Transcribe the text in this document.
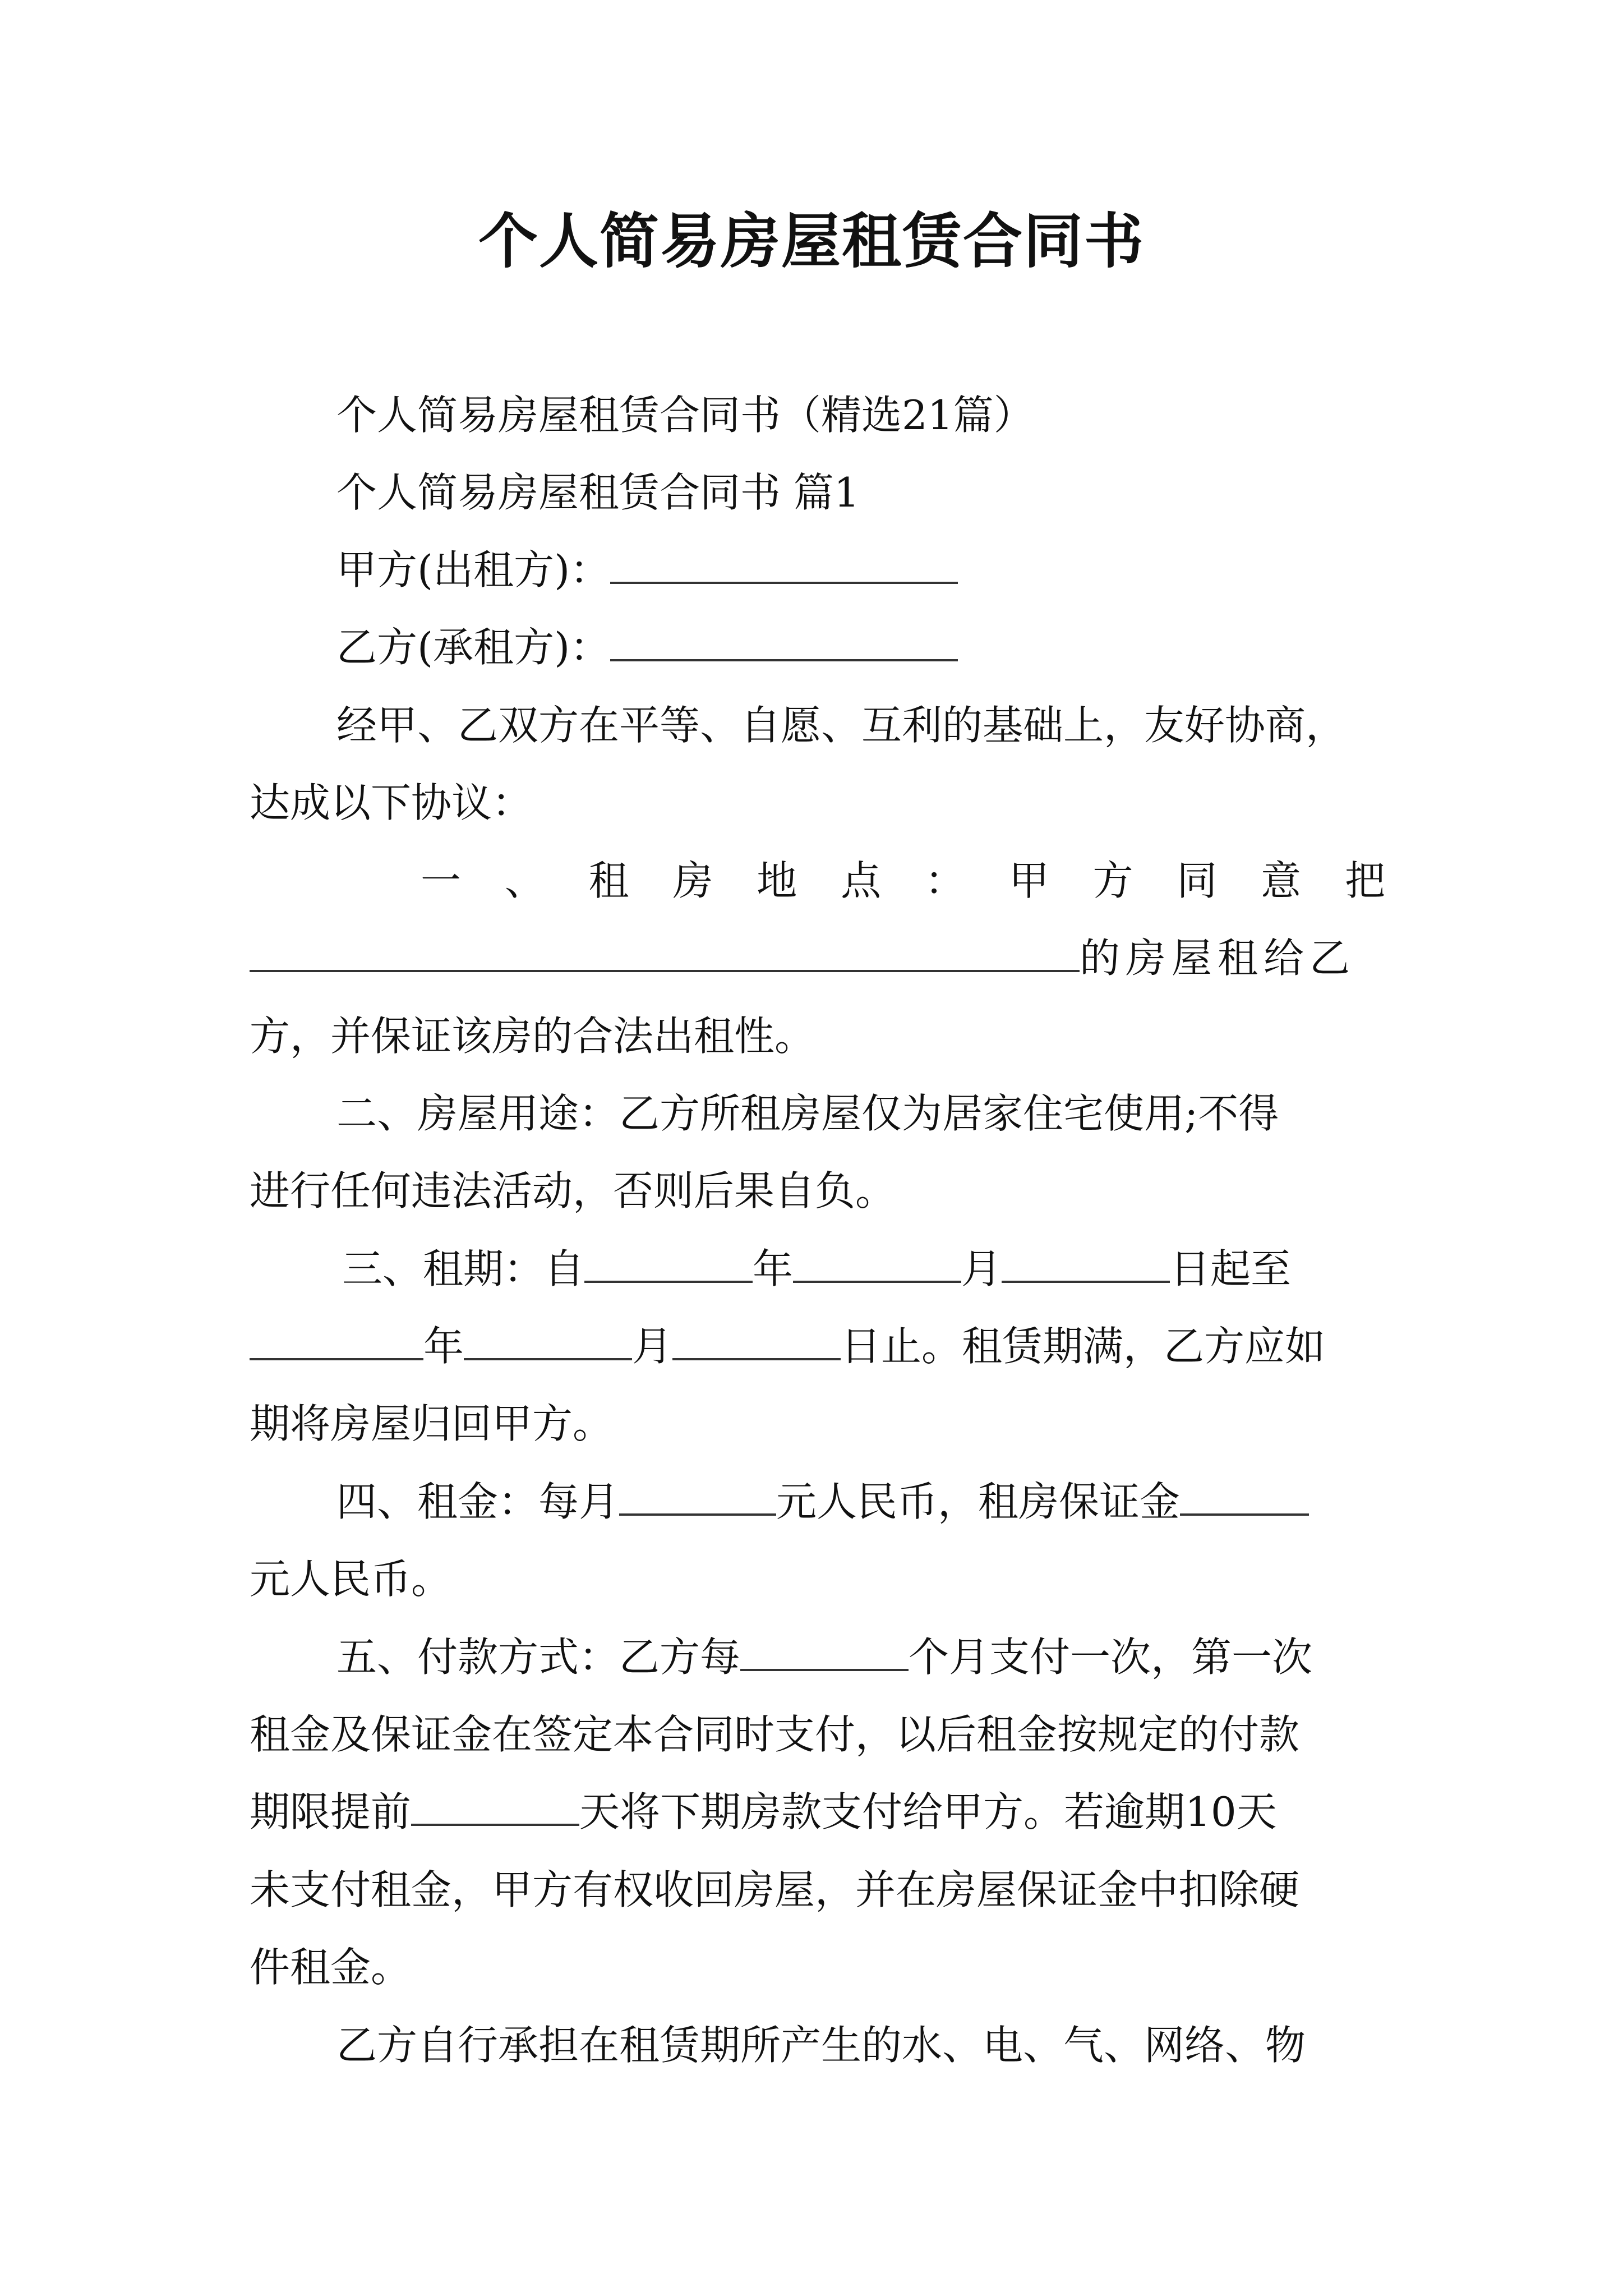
个人简易房屋租赁合同书
个人简易房屋租赁合同书（精选21篇）
个人简易房屋租赁合同书 篇1
甲方(出租方)：
乙方(承租方)：
经甲、乙双方在平等、自愿、互利的基础上，友好协商，
达成以下协议：
一 、 租 房 地 点 ： 甲 方 同 意 把
的房屋租给乙
方，并保证该房的合法出租性。
二、房屋用途：乙方所租房屋仅为居家住宅使用;不得
进行任何违法活动，否则后果自负。
三、租期：自	年	月	日起至
年	月	日止。租赁期满，乙方应如
期将房屋归回甲方。
四、租金：每月	元人民币，租房保证金
元人民币。
五、付款方式：乙方每	个月支付一次，第一次
租金及保证金在签定本合同时支付，以后租金按规定的付款
期限提前	天将下期房款支付给甲方。若逾期10天
未支付租金，甲方有权收回房屋，并在房屋保证金中扣除硬
件租金。
乙方自行承担在租赁期所产生的水、电、气、网络、物
